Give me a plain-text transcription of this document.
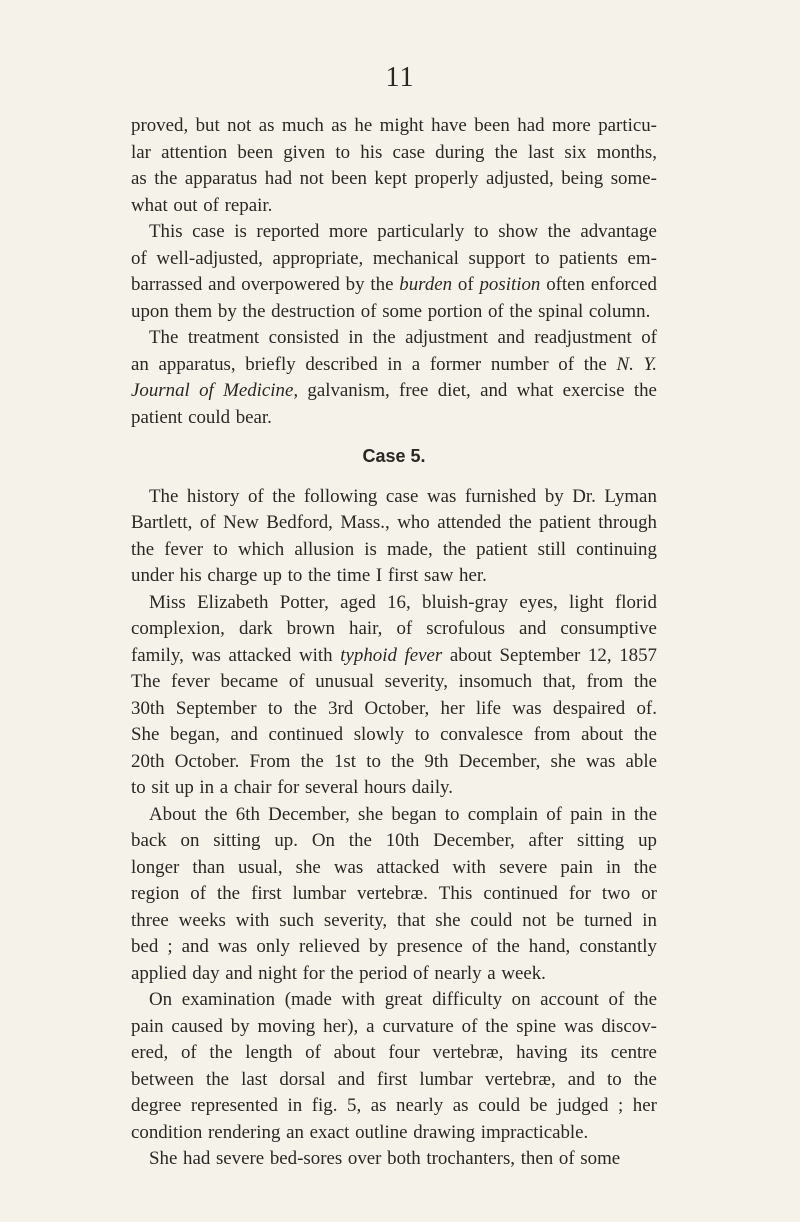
11
proved, but not as much as he might have been had more particu-
lar attention been given to his case during the last six months,
as the apparatus had not been kept properly adjusted, being some-
what out of repair.
This case is reported more particularly to show the advantage
of well-adjusted, appropriate, mechanical support to patients em-
barrassed and overpowered by the burden of position often enforced
upon them by the destruction of some portion of the spinal column.
The treatment consisted in the adjustment and readjustment of
an apparatus, briefly described in a former number of the N. Y.
Journal of Medicine, galvanism, free diet, and what exercise the
patient could bear.
Case 5.
The history of the following case was furnished by Dr. Lyman
Bartlett, of New Bedford, Mass., who attended the patient through
the fever to which allusion is made, the patient still continuing
under his charge up to the time I first saw her.
Miss Elizabeth Potter, aged 16, bluish-gray eyes, light florid
complexion, dark brown hair, of scrofulous and consumptive
family, was attacked with typhoid fever about September 12, 1857
The fever became of unusual severity, insomuch that, from the
30th September to the 3rd October, her life was despaired of.
She began, and continued slowly to convalesce from about the
20th October. From the 1st to the 9th December, she was able
to sit up in a chair for several hours daily.
About the 6th December, she began to complain of pain in the
back on sitting up. On the 10th December, after sitting up
longer than usual, she was attacked with severe pain in the
region of the first lumbar vertebræ. This continued for two or
three weeks with such severity, that she could not be turned in
bed ; and was only relieved by presence of the hand, constantly
applied day and night for the period of nearly a week.
On examination (made with great difficulty on account of the
pain caused by moving her), a curvature of the spine was discov-
ered, of the length of about four vertebræ, having its centre
between the last dorsal and first lumbar vertebræ, and to the
degree represented in fig. 5, as nearly as could be judged ; her
condition rendering an exact outline drawing impracticable.
She had severe bed-sores over both trochanters, then of some
